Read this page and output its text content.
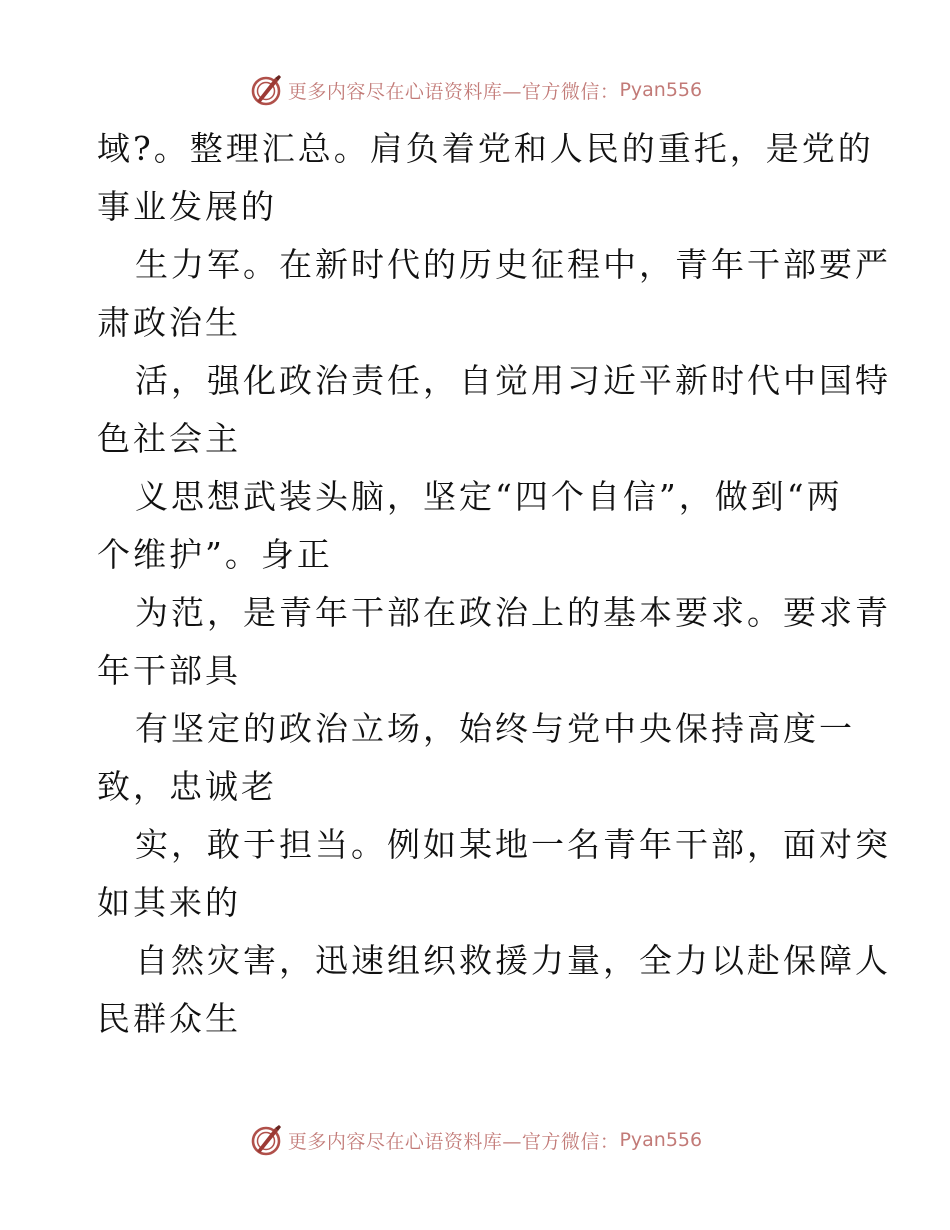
更多内容尽在心语资料库— 官方微信： Pyan556
域?。整理汇总。肩负着党和人民的重托，是党的
事业发展的
生力军。在新时代的历史征程中，青年干部要严
肃政治生
活，强化政治责任，自觉用习近平新时代中国特
色社会主
义思想武装头脑，坚定“四个自信”，做到“两
个维护”。身正
为范，是青年干部在政治上的基本要求。要求青
年干部具
有坚定的政治立场，始终与党中央保持高度一
致，忠诚老
实，敢于担当。例如某地一名青年干部，面对突
如其来的
自然灾害，迅速组织救援力量，全力以赴保障人
民群众生
更多内容尽在心语资料库— 官方微信： Pyan556
